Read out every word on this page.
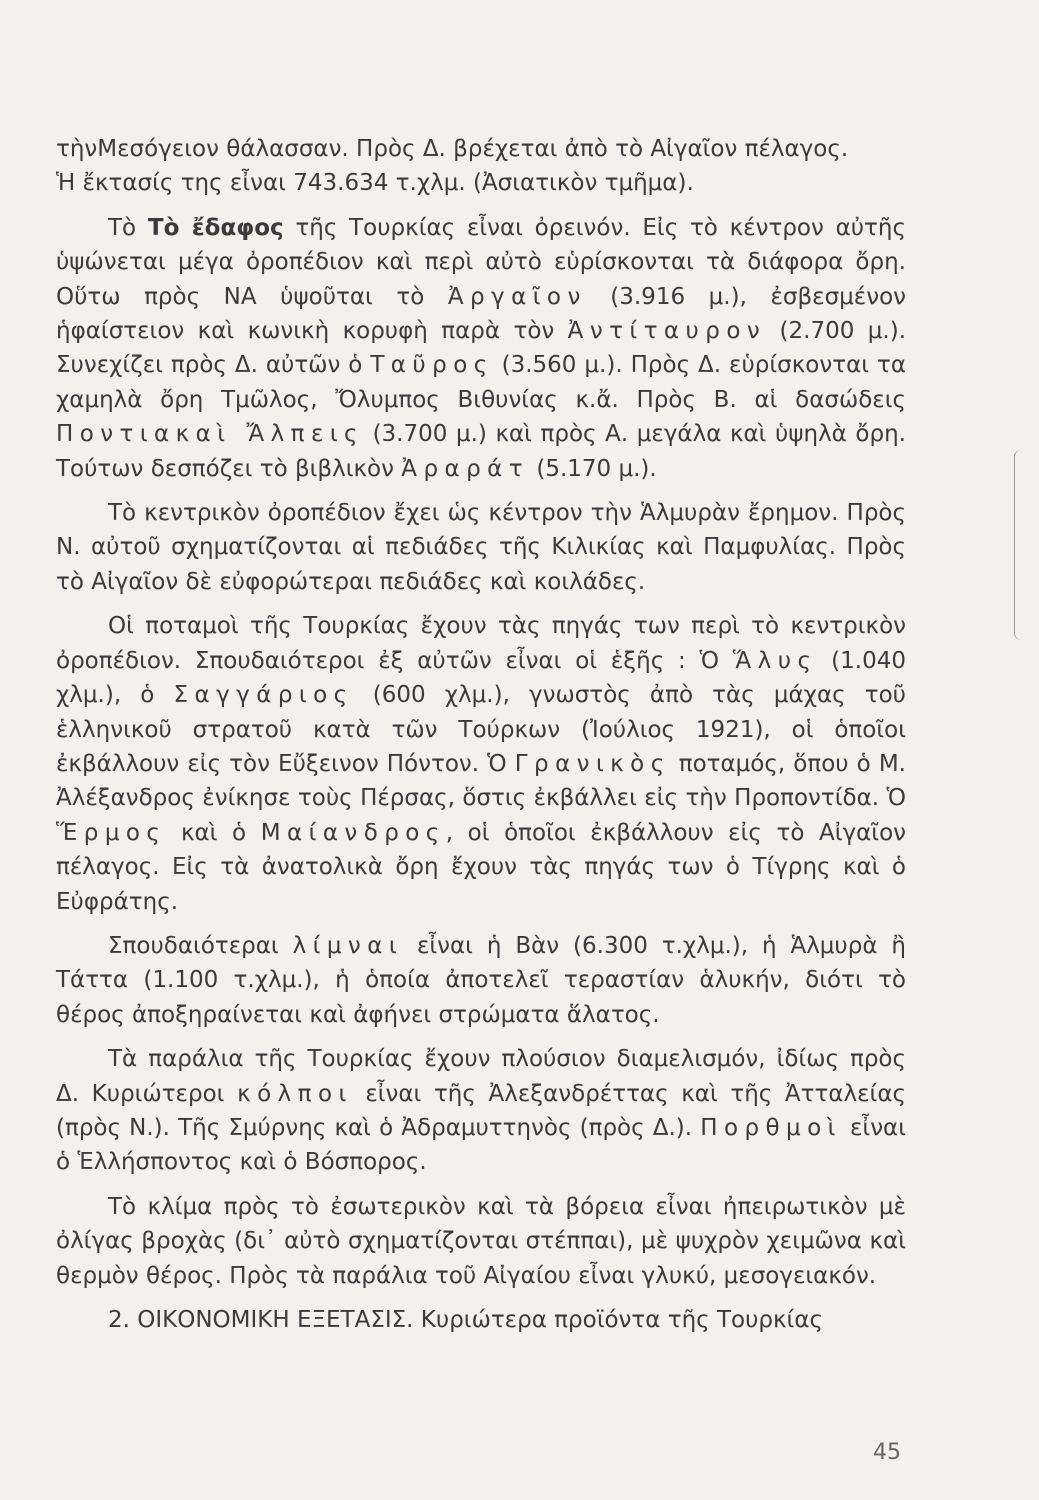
τὴνΜεσόγειον θάλασσαν. Πρὸς Δ. βρέχεται ἀπὸ τὸ Αἰγαῖον πέλαγος.
Ἡ ἔκτασίς της εἶναι 743.634 τ.χλμ. (Ἀσιατικὸν τμῆμα).

Τὸ Τὸ ἔδαφος τῆς Τουρκίας εἶναι ὀρεινόν. Εἰς τὸ κέντρον αὐτῆς ὑψώνεται μέγα ὀροπέδιον καὶ περὶ αὐτὸ εὑρίσκονται τὰ διάφορα ὄρη. Οὕτω πρὸς ΝΑ ὑψοῦται τὸ Ἀργαῖον (3.916 μ.), ἐσβεσμένον ἡφαίστειον καὶ κωνικὴ κορυφὴ παρὰ τὸν Ἀντίταυρον (2.700 μ.). Συνεχίζει πρὸς Δ. αὐτῶν ὁ Ταῦρος (3.560 μ.). Πρὸς Δ. εὑρίσκονται τα χαμηλὰ ὄρη Τμῶλος, Ὄλυμπος Βιθυνίας κ.ἄ. Πρὸς Β. αἱ δασώδεις Ποντιακαὶ Ἄλπεις (3.700 μ.) καὶ πρὸς Α. μεγάλα καὶ ὑψηλὰ ὄρη. Τούτων δεσπόζει τὸ βιβλικὸν Ἀραράτ (5.170 μ.).

Τὸ κεντρικὸν ὀροπέδιον ἔχει ὡς κέντρον τὴν Ἁλμυρὰν ἔρημον. Πρὸς Ν. αὐτοῦ σχηματίζονται αἱ πεδιάδες τῆς Κιλικίας καὶ Παμφυλίας. Πρὸς τὸ Αἰγαῖον δὲ εὐφορώτεραι πεδιάδες καὶ κοιλάδες.

Οἱ ποταμοὶ τῆς Τουρκίας ἔχουν τὰς πηγάς των περὶ τὸ κεντρικὸν ὀροπέδιον. Σπουδαιότεροι ἐξ αὐτῶν εἶναι οἱ ἑξῆς : Ὁ Ἅλυς (1.040 χλμ.), ὁ Σαγγάριος (600 χλμ.), γνωστὸς ἀπὸ τὰς μάχας τοῦ ἑλληνικοῦ στρατοῦ κατὰ τῶν Τούρκων (Ἰούλιος 1921), οἱ ὁποῖοι ἐκβάλλουν εἰς τὸν Εὔξεινον Πόντον. Ὁ Γρανικὸς ποταμός, ὅπου ὁ Μ. Ἀλέξανδρος ἐνίκησε τοὺς Πέρσας, ὅστις ἐκβάλλει εἰς τὴν Προποντίδα. Ὁ Ἕρμος καὶ ὁ Μαίανδρος, οἱ ὁποῖοι ἐκβάλλουν εἰς τὸ Αἰγαῖον πέλαγος. Εἰς τὰ ἀνατολικὰ ὄρη ἔχουν τὰς πηγάς των ὁ Τίγρης καὶ ὁ Εὐφράτης.

Σπουδαιότεραι λίμναι εἶναι ἡ Βὰν (6.300 τ.χλμ.), ἡ Ἁλμυρὰ ἢ Τάττα (1.100 τ.χλμ.), ἡ ὁποία ἀποτελεῖ τεραστίαν ἁλυκήν, διότι τὸ θέρος ἀποξηραίνεται καὶ ἀφήνει στρώματα ἅλατος.

Τὰ παράλια τῆς Τουρκίας ἔχουν πλούσιον διαμελισμόν, ἰδίως πρὸς Δ. Κυριώτεροι κόλποι εἶναι τῆς Ἀλεξανδρέττας καὶ τῆς Ἀτταλείας (πρὸς Ν.). Τῆς Σμύρνης καὶ ὁ Ἀδραμυττηνὸς (πρὸς Δ.). Πορθμοὶ εἶναι ὁ Ἑλλήσποντος καὶ ὁ Βόσπορος.

Τὸ κλίμα πρὸς τὸ ἐσωτερικὸν καὶ τὰ βόρεια εἶναι ἠπειρωτικὸν μὲ ὀλίγας βροχὰς (δι᾿ αὐτὸ σχηματίζονται στέππαι), μὲ ψυχρὸν χειμῶνα καὶ θερμὸν θέρος. Πρὸς τὰ παράλια τοῦ Αἰγαίου εἶναι γλυκύ, μεσογειακόν.

2. ΟΙΚΟΝΟΜΙΚΗ ΕΞΕΤΑΣΙΣ. Κυριώτερα προϊόντα τῆς Τουρκίας

45
